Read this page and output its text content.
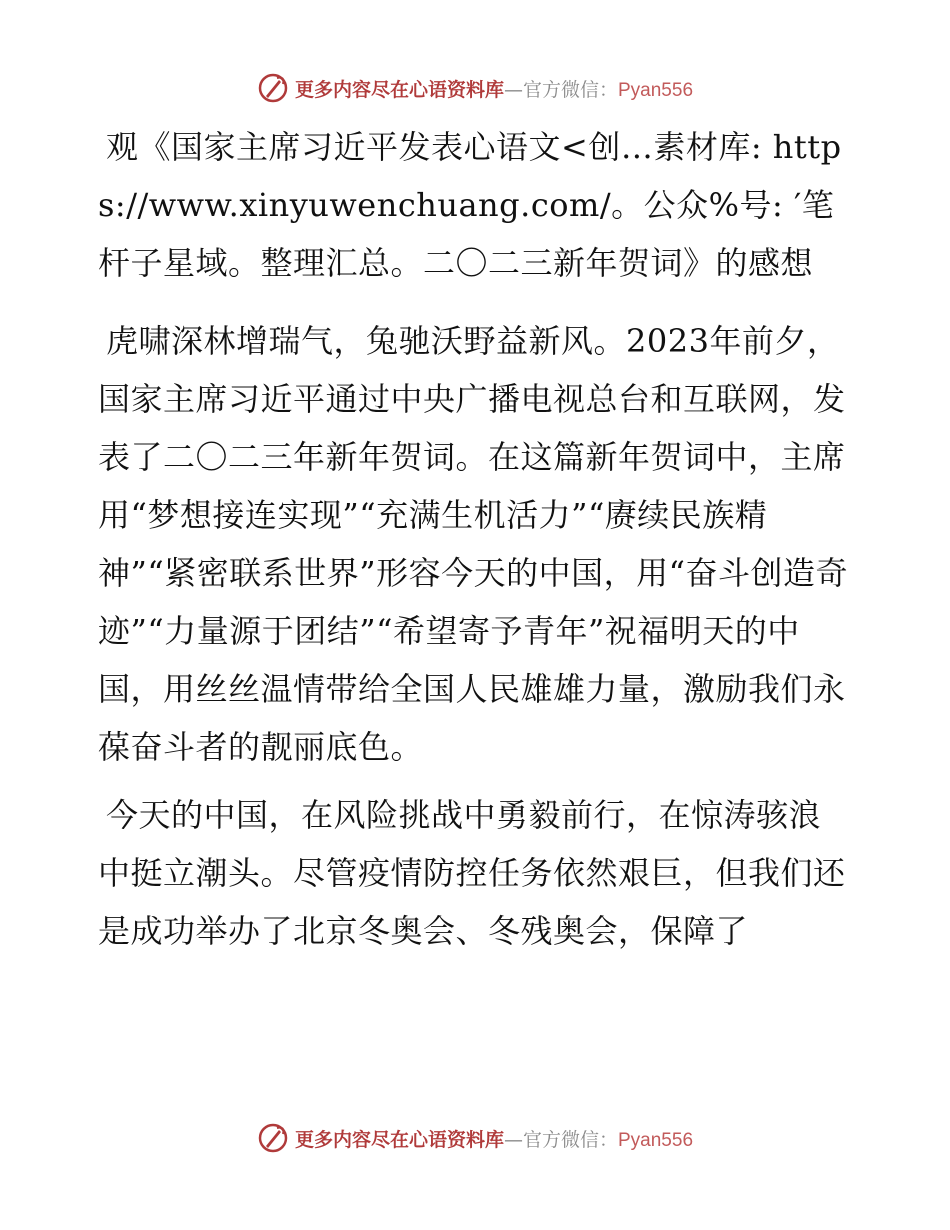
更多内容尽在心语资料库—官方微信：Pyan556

观《国家主席习近平发表心语文<创…素材库: https://www.xinyuwenchuang.com/。公众%号: ′笔杆子星域。整理汇总。二〇二三新年贺词》的感想

虎啸深林增瑞气，兔驰沃野益新风。2023年前夕，国家主席习近平通过中央广播电视总台和互联网，发表了二〇二三年新年贺词。在这篇新年贺词中，主席用“梦想接连实现”“充满生机活力”“赓续民族精神”“紧密联系世界”形容今天的中国，用“奋斗创造奇迹”“力量源于团结”“希望寄予青年”祝福明天的中国，用丝丝温情带给全国人民雄雄力量，激励我们永葆奋斗者的靓丽底色。

今天的中国，在风险挑战中勇毅前行，在惊涛骇浪中挺立潮头。尽管疫情防控任务依然艰巨，但我们还是成功举办了北京冬奥会、冬残奥会，保障了

更多内容尽在心语资料库—官方微信：Pyan556
